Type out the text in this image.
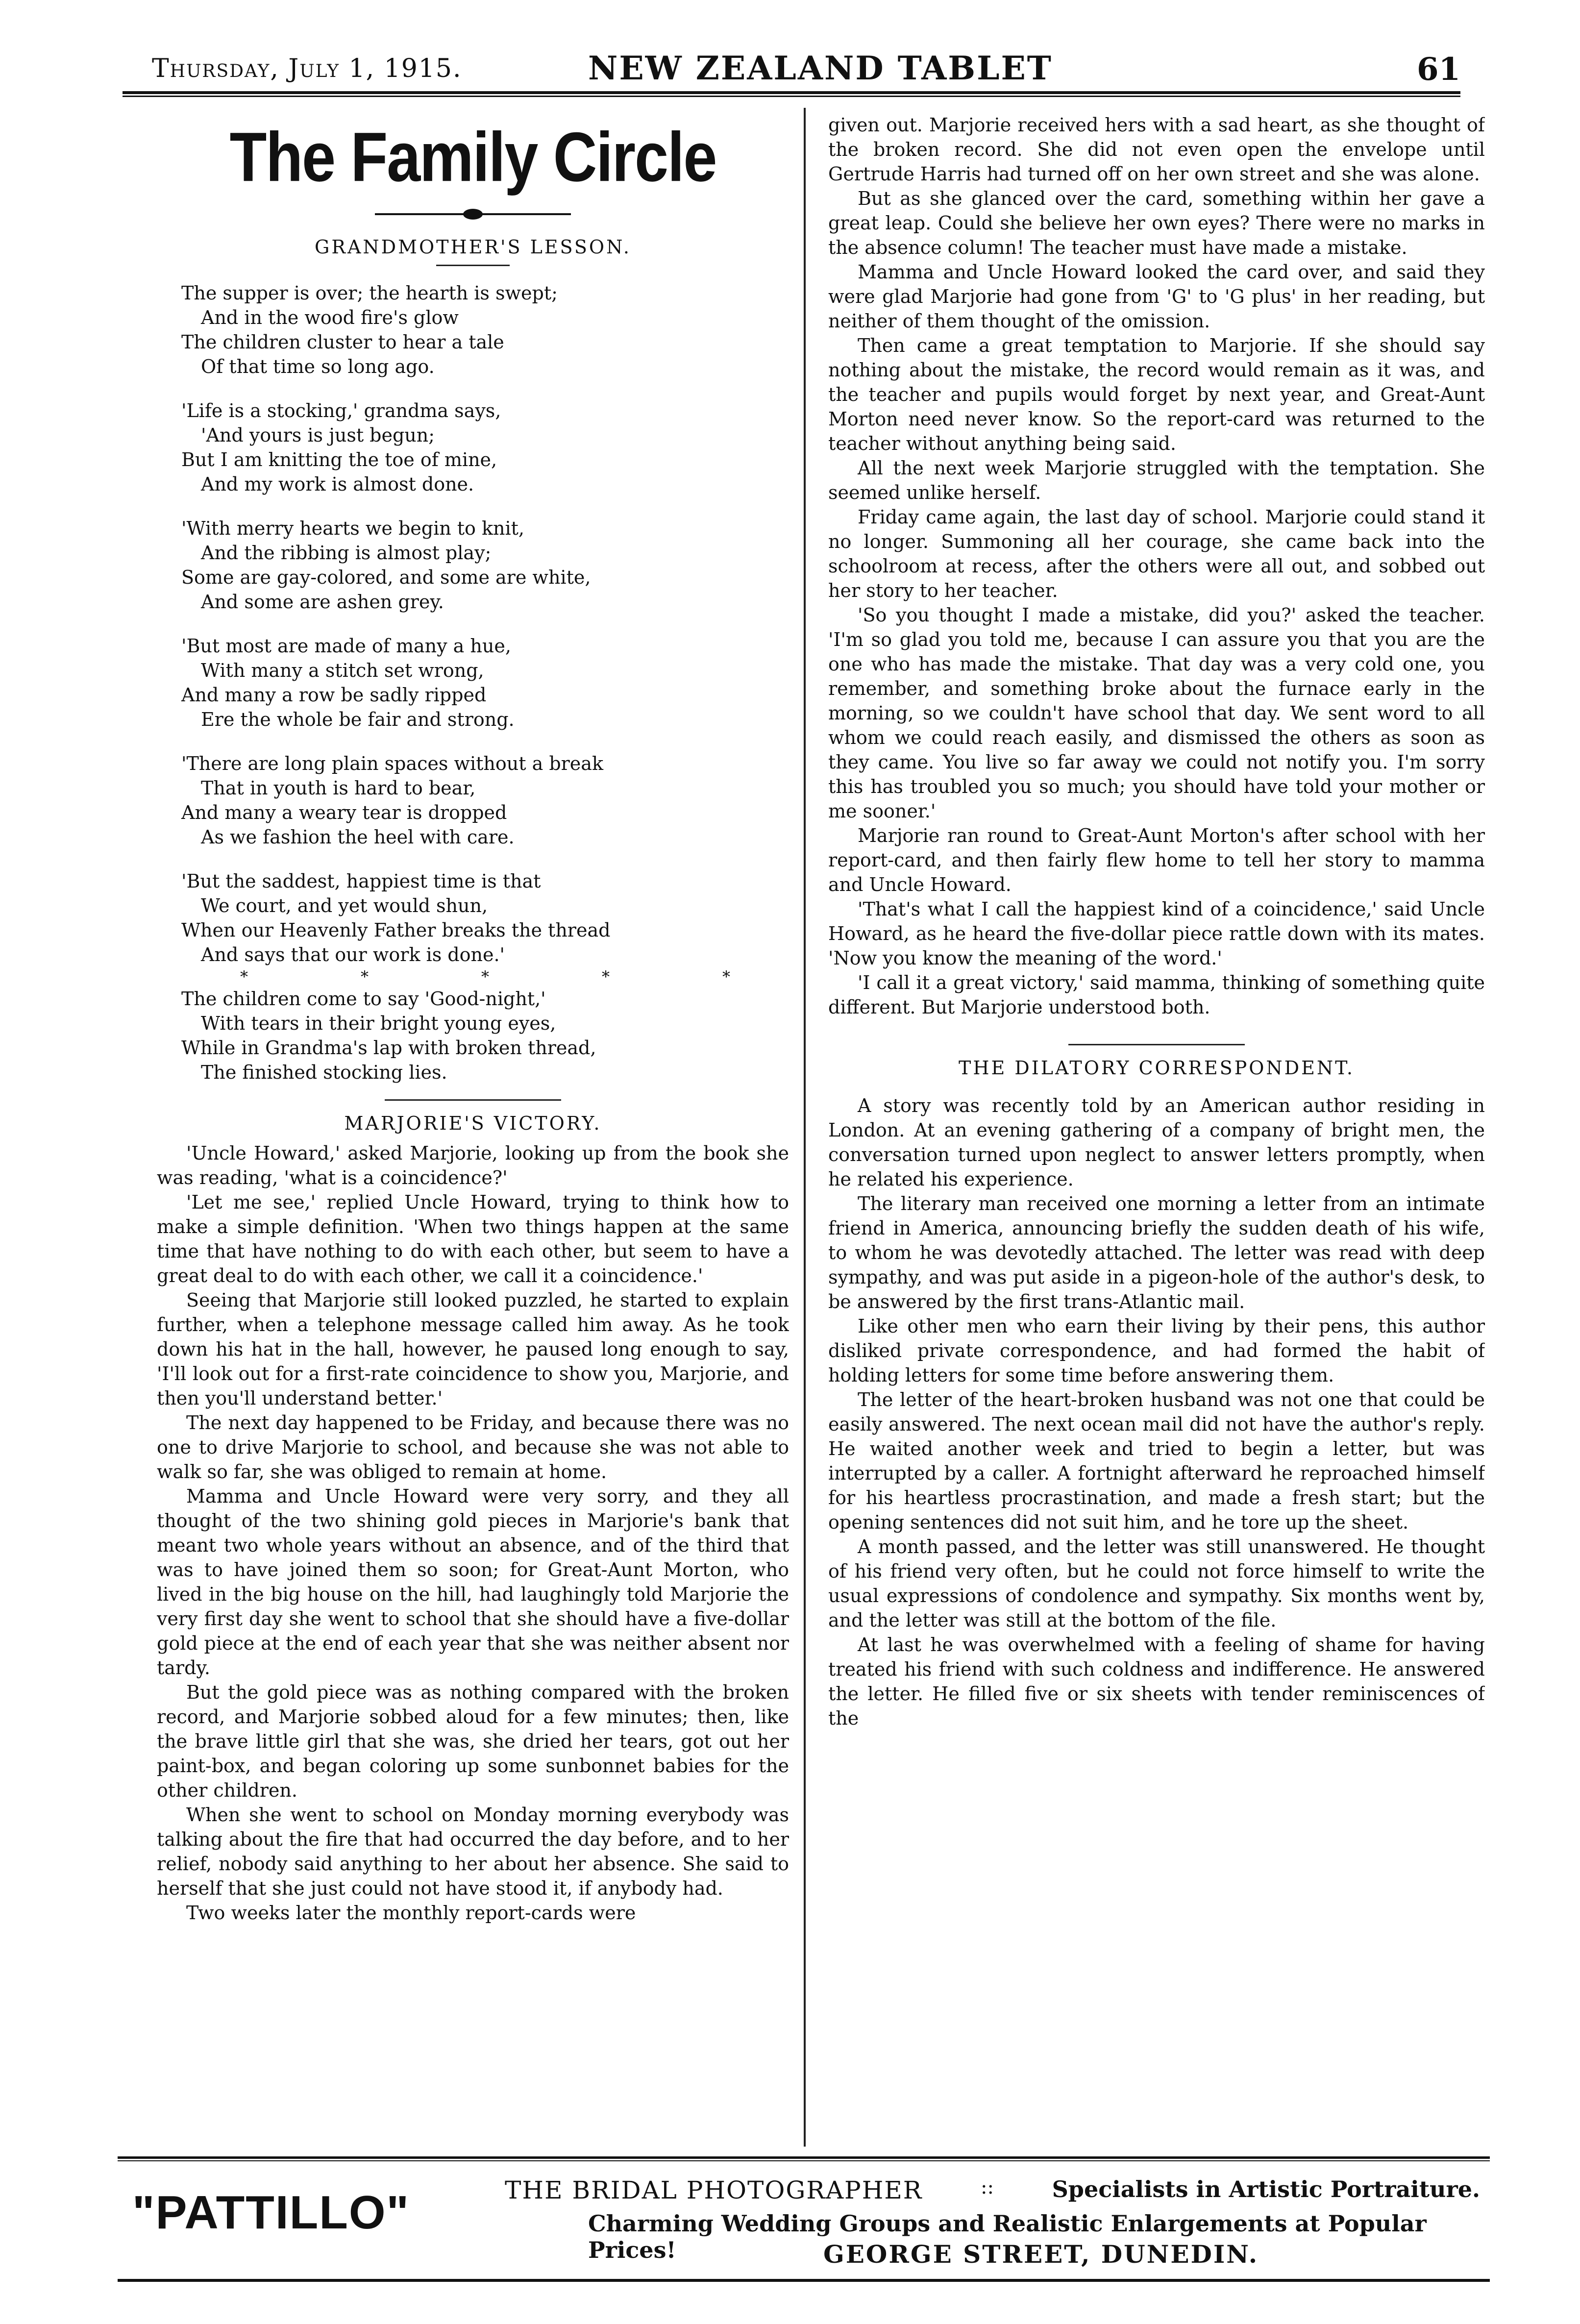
Thursday, July 1, 1915.	NEW ZEALAND TABLET	61
The Family Circle
GRANDMOTHER'S LESSON.
The supper is over; the hearth is swept;
And in the wood fire's glow
The children cluster to hear a tale
Of that time so long ago.
'Life is a stocking,' grandma says,
'And yours is just begun;
But I am knitting the toe of mine,
And my work is almost done.
'With merry hearts we begin to knit,
And the ribbing is almost play;
Some are gay-colored, and some are white,
And some are ashen grey.
'But most are made of many a hue,
With many a stitch set wrong,
And many a row be sadly ripped
Ere the whole be fair and strong.
'There are long plain spaces without a break
That in youth is hard to bear,
And many a weary tear is dropped
As we fashion the heel with care.
'But the saddest, happiest time is that
We court, and yet would shun,
When our Heavenly Father breaks the thread
And says that our work is done.'
*	*	*	*	*
The children come to say 'Good-night,'
With tears in their bright young eyes,
While in Grandma's lap with broken thread,
The finished stocking lies.
MARJORIE'S VICTORY.

'Uncle Howard,' asked Marjorie, looking up from the book she was reading, 'what is a coincidence?'

'Let me see,' replied Uncle Howard, trying to think how to make a simple definition. 'When two things happen at the same time that have nothing to do with each other, but seem to have a great deal to do with each other, we call it a coincidence.'

Seeing that Marjorie still looked puzzled, he started to explain further, when a telephone message called him away. As he took down his hat in the hall, however, he paused long enough to say, 'I'll look out for a first-rate coincidence to show you, Marjorie, and then you'll understand better.'

The next day happened to be Friday, and because there was no one to drive Marjorie to school, and because she was not able to walk so far, she was obliged to remain at home.

Mamma and Uncle Howard were very sorry, and they all thought of the two shining gold pieces in Marjorie's bank that meant two whole years without an absence, and of the third that was to have joined them so soon; for Great-Aunt Morton, who lived in the big house on the hill, had laughingly told Marjorie the very first day she went to school that she should have a five-dollar gold piece at the end of each year that she was neither absent nor tardy.

But the gold piece was as nothing compared with the broken record, and Marjorie sobbed aloud for a few minutes; then, like the brave little girl that she was, she dried her tears, got out her paint-box, and began coloring up some sunbonnet babies for the other children.

When she went to school on Monday morning everybody was talking about the fire that had occurred the day before, and to her relief, nobody said anything to her about her absence. She said to herself that she just could not have stood it, if anybody had.

Two weeks later the monthly report-cards were

given out. Marjorie received hers with a sad heart, as she thought of the broken record. She did not even open the envelope until Gertrude Harris had turned off on her own street and she was alone.

But as she glanced over the card, something within her gave a great leap. Could she believe her own eyes? There were no marks in the absence column! The teacher must have made a mistake.

Mamma and Uncle Howard looked the card over, and said they were glad Marjorie had gone from 'G' to 'G plus' in her reading, but neither of them thought of the omission.

Then came a great temptation to Marjorie. If she should say nothing about the mistake, the record would remain as it was, and the teacher and pupils would forget by next year, and Great-Aunt Morton need never know. So the report-card was returned to the teacher without anything being said.

All the next week Marjorie struggled with the temptation. She seemed unlike herself.

Friday came again, the last day of school. Marjorie could stand it no longer. Summoning all her courage, she came back into the schoolroom at recess, after the others were all out, and sobbed out her story to her teacher.

'So you thought I made a mistake, did you?' asked the teacher. 'I'm so glad you told me, because I can assure you that you are the one who has made the mistake. That day was a very cold one, you remember, and something broke about the furnace early in the morning, so we couldn't have school that day. We sent word to all whom we could reach easily, and dismissed the others as soon as they came. You live so far away we could not notify you. I'm sorry this has troubled you so much; you should have told your mother or me sooner.'

Marjorie ran round to Great-Aunt Morton's after school with her report-card, and then fairly flew home to tell her story to mamma and Uncle Howard.

'That's what I call the happiest kind of a coincidence,' said Uncle Howard, as he heard the five-dollar piece rattle down with its mates. 'Now you know the meaning of the word.'

'I call it a great victory,' said mamma, thinking of something quite different. But Marjorie understood both.

THE DILATORY CORRESPONDENT.

A story was recently told by an American author residing in London. At an evening gathering of a company of bright men, the conversation turned upon neglect to answer letters promptly, when he related his experience.

The literary man received one morning a letter from an intimate friend in America, announcing briefly the sudden death of his wife, to whom he was devotedly attached. The letter was read with deep sympathy, and was put aside in a pigeon-hole of the author's desk, to be answered by the first trans-Atlantic mail.

Like other men who earn their living by their pens, this author disliked private correspondence, and had formed the habit of holding letters for some time before answering them.

The letter of the heart-broken husband was not one that could be easily answered. The next ocean mail did not have the author's reply. He waited another week and tried to begin a letter, but was interrupted by a caller. A fortnight afterward he reproached himself for his heartless procrastination, and made a fresh start; but the opening sentences did not suit him, and he tore up the sheet.

A month passed, and the letter was still unanswered. He thought of his friend very often, but he could not force himself to write the usual expressions of condolence and sympathy. Six months went by, and the letter was still at the bottom of the file.

At last he was overwhelmed with a feeling of shame for having treated his friend with such coldness and indifference. He answered the letter. He filled five or six sheets with tender reminiscences of the

"PATTILLO"	THE BRIDAL PHOTOGRAPHER	::	Specialists in Artistic Portraiture.
Charming Wedding Groups and Realistic Enlargements at Popular Prices!	GEORGE STREET, DUNEDIN.
